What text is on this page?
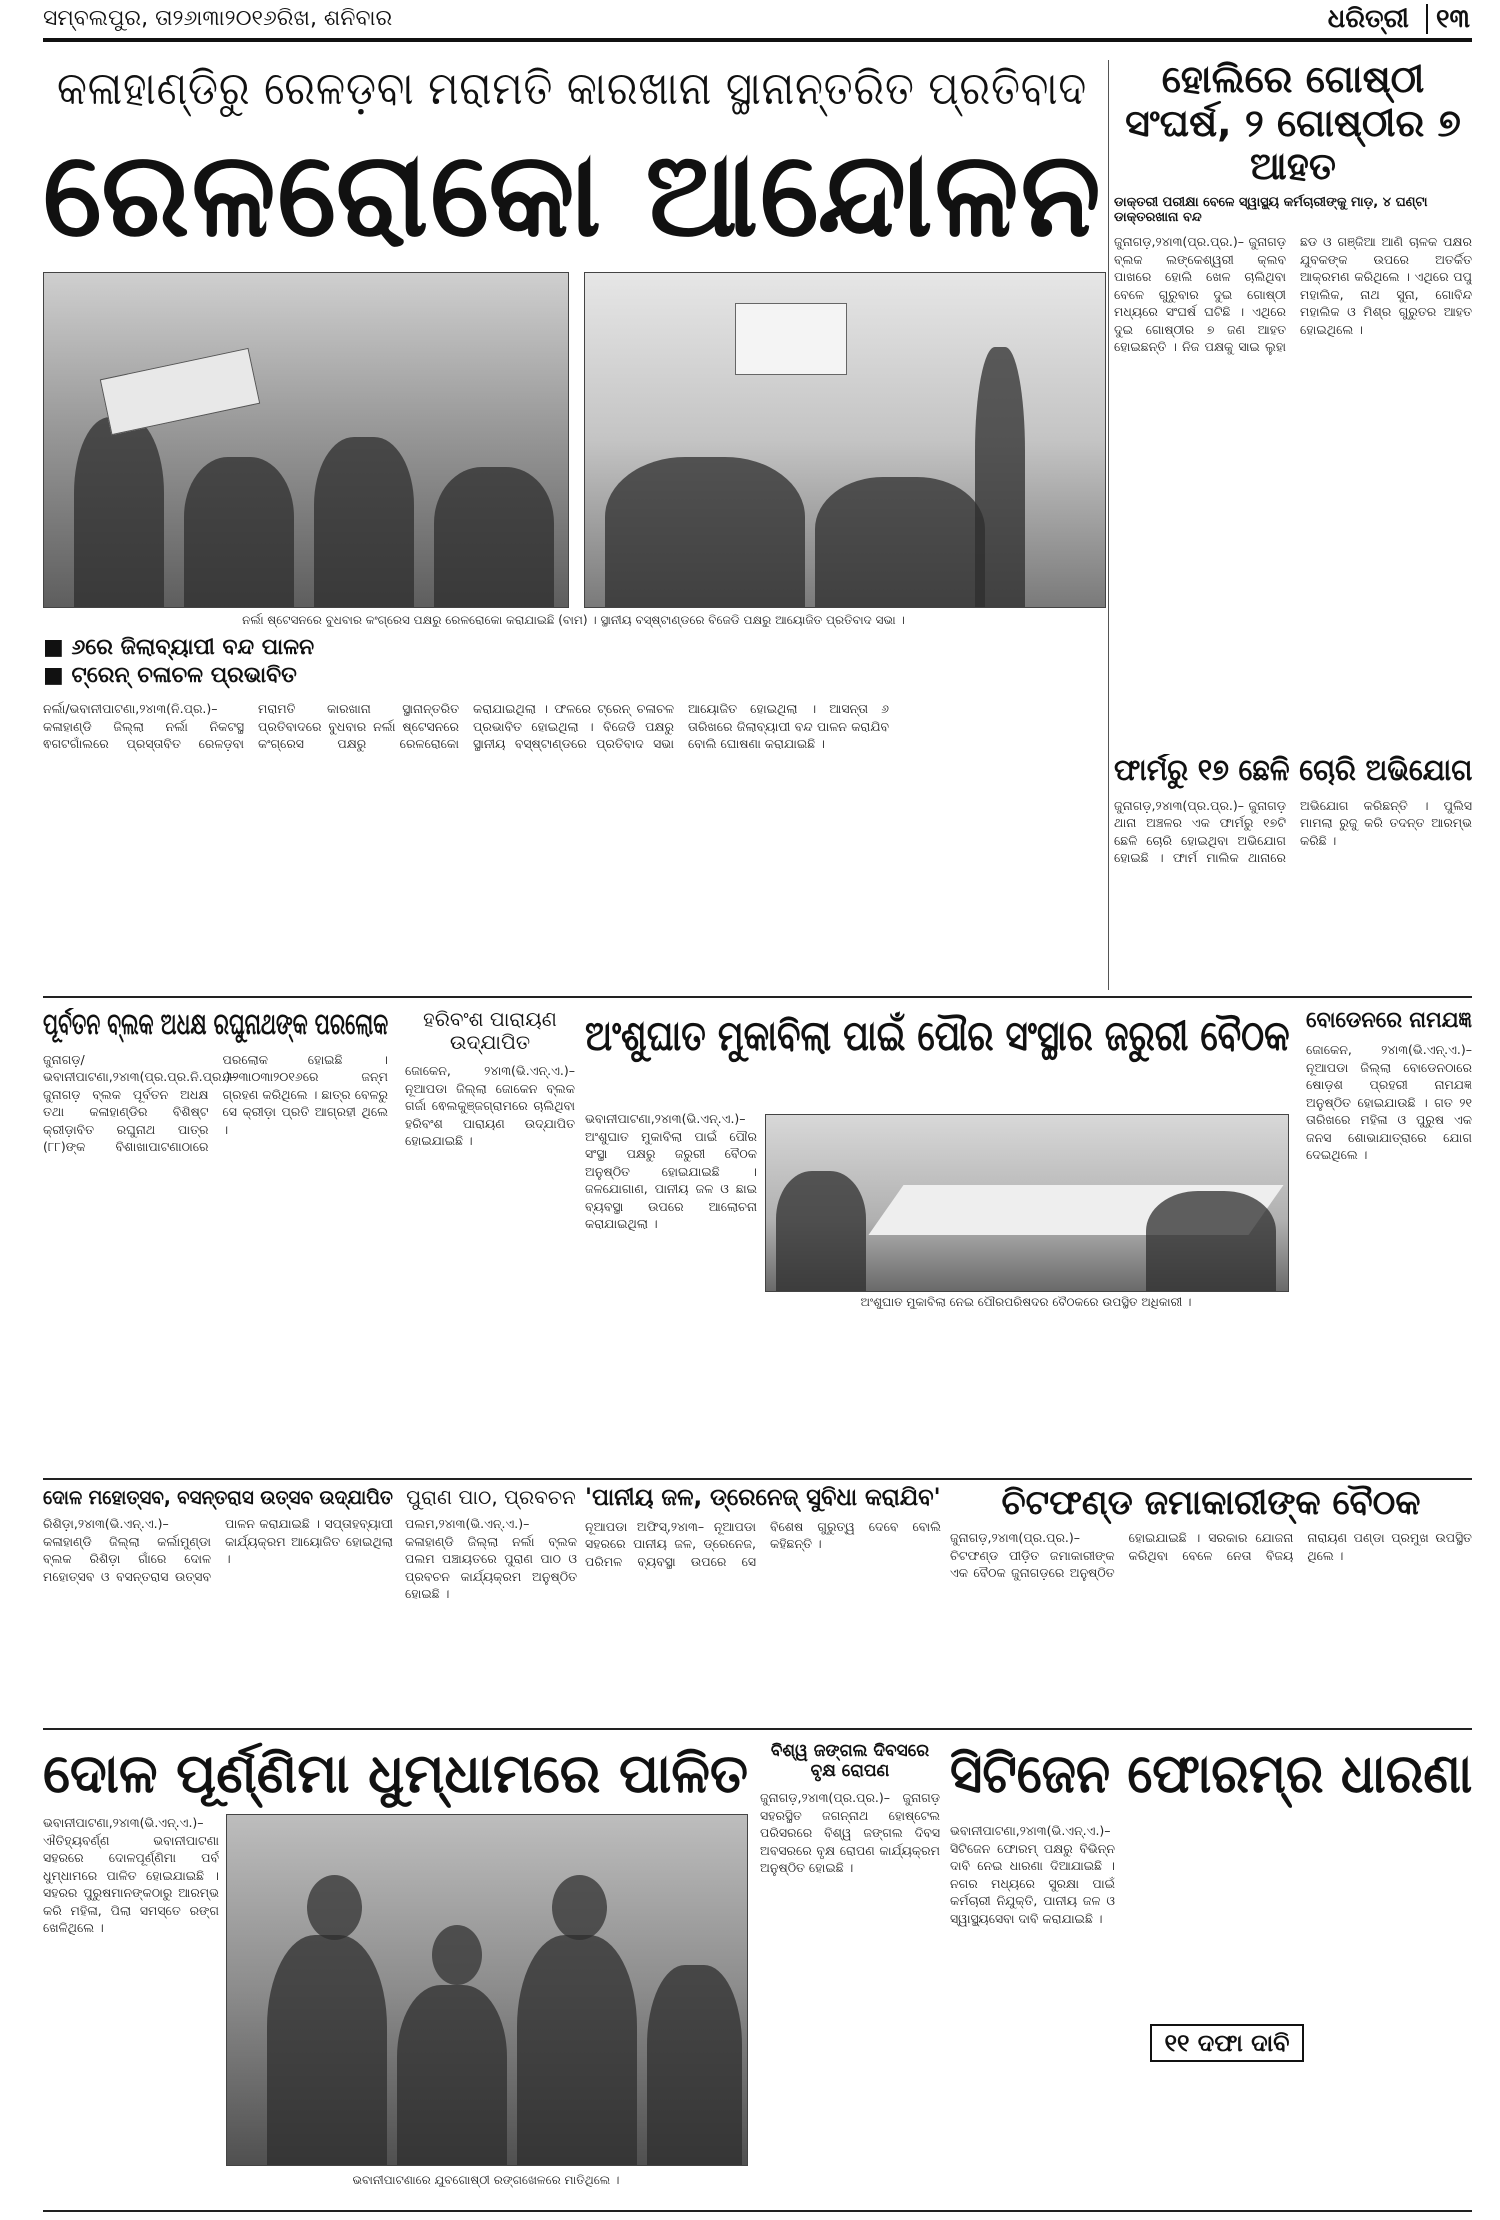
ସମ୍ବଲପୁର, ତା୨୬ା୩ା୨୦୧୬ରିଖ, ଶନିବାର	ଧରିତ୍ରୀ ୧୩
କଳାହାଣ୍ଡିରୁ ରେଳଡ଼ବା ମରାମତି କାରଖାନା ସ୍ଥାନାନ୍ତରିତ ପ୍ରତିବାଦ
ରେଳରୋକୋ ଆନ୍ଦୋଳନ
ନର୍ଲା ଷ୍ଟେସନରେ ବୁଧବାର କଂଗ୍ରେସ ପକ୍ଷରୁ ରେଳରୋକୋ କରାଯାଇଛି (ବାମ) । ସ୍ଥାନୀୟ ବସ୍‌ଷ୍ଟାଣ୍ଡରେ ବିଜେଡି ପକ୍ଷରୁ ଆୟୋଜିତ ପ୍ରତିବାଦ ସଭା ।
■ ୬ରେ ଜିଲାବ୍ୟାପୀ ବନ୍ଦ ପାଳନ
■ ଟ୍ରେନ୍ ଚଳାଚଳ ପ୍ରଭାବିତ

ନର୍ଲା/ଭବାନୀପାଟଣା,୨୪ା୩(ନି.ପ୍ର.)– କଳାହାଣ୍ଡି ଜିଲ୍ଲା ନର୍ଲା ନିକଟସ୍ଥ ଵଗଟଗାଁଲରେ ପ୍ରସ୍ତାବିତ ରେଳଡ଼ବା ମରାମତି କାରଖାନା ସ୍ଥାନାନ୍ତରିତ ପ୍ରତିବାଦରେ ବୁଧବାର ନର୍ଲା ଷ୍ଟେସନରେ କଂଗ୍ରେସ ପକ୍ଷରୁ ରେଳରୋକୋ କରାଯାଇଥିଲା । ଫଳରେ ଟ୍ରେନ୍ ଚଳାଚଳ ପ୍ରଭାବିତ ହୋଇଥିଲା । ବିଜେଡି ପକ୍ଷରୁ ସ୍ଥାନୀୟ ବସ୍‌ଷ୍ଟାଣ୍ଡରେ ପ୍ରତିବାଦ ସଭା ଆୟୋଜିତ ହୋଇଥିଲା । ଆସନ୍ତା ୬ ତାରିଖରେ ଜିଲାବ୍ୟାପୀ ବନ୍ଦ ପାଳନ କରାଯିବ ବୋଲି ଘୋଷଣା କରାଯାଇଛି ।

ହୋଲିରେ ଗୋଷ୍ଠୀ ସଂଘର୍ଷ, ୨ ଗୋଷ୍ଠୀର ୭ ଆହତ
ଡାକ୍ତରୀ ପରୀକ୍ଷା ବେଳେ ସ୍ୱାସ୍ଥ୍ୟ କର୍ମଚାରୀଙ୍କୁ ମାଡ଼, ୪ ଘଣ୍ଟା ଡାକ୍ତରଖାନା ବନ୍ଦ

ଜୁନାଗଡ଼,୨୪ା୩(ପ୍ର.ପ୍ର.)– ଜୁନାଗଡ଼ ବ୍ଲକ ଲଙ୍କେଶ୍ୱରୀ କ୍ଲବ ପାଖରେ ହୋଲି ଖେଳ ଚାଲିଥିବା ବେଳେ ଗୁରୁବାର ଦୁଇ ଗୋଷ୍ଠୀ ମଧ୍ୟରେ ସଂଘର୍ଷ ଘଟିଛି । ଏଥିରେ ଦୁଇ ଗୋଷ୍ଠୀର ୭ ଜଣ ଆହତ ହୋଇଛନ୍ତି । ନିଜ ପକ୍ଷକୁ ସାଇ ଲୁହା ଛଡ ଓ ଗଞ୍ଜିଆ ଆଣି ଚାଳକ ପକ୍ଷର ଯୁବକଙ୍କ ଉପରେ ଅତର୍କିତ ଆକ୍ରମଣ କରିଥିଲେ । ଏଥିରେ ପପୁ ମହାଲିକ, ନାଥ ସୁନା, ଗୋବିନ୍ଦ ମହାଲିକ ଓ ମିଶ୍ର ଗୁରୁତର ଆହତ ହୋଇଥିଲେ ।

ଫାର୍ମରୁ ୧୭ ଛେଳି ଚୋରି ଅଭିଯୋଗ

ଜୁନାଗଡ଼,୨୪ା୩(ପ୍ର.ପ୍ର.)– ଜୁନାଗଡ଼ ଥାନା ଅଞ୍ଚଳର ଏକ ଫାର୍ମରୁ ୧୭ଟି ଛେଳି ଚୋରି ହୋଇଥିବା ଅଭିଯୋଗ ହୋଇଛି । ଫାର୍ମ ମାଲିକ ଥାନାରେ ଅଭିଯୋଗ କରିଛନ୍ତି । ପୁଲିସ ମାମଲା ରୁଜୁ କରି ତଦନ୍ତ ଆରମ୍ଭ କରିଛି ।

ପୂର୍ବତନ ବ୍ଲକ ଅଧକ୍ଷ ରଘୁନାଥଙ୍କ ପରଲୋକ

ଜୁନାଗଡ଼/ଭବାନୀପାଟଣା,୨୪ା୩(ପ୍ର.ପ୍ର.ନି.ପ୍ର.)– ଜୁନାଗଡ଼ ବ୍ଲକ ପୂର୍ବତନ ଅଧକ୍ଷ ତଥା କଳାହାଣ୍ଡିର ବିଶିଷ୍ଟ କ୍ରୀଡ଼ାବିତ ରଘୁନାଥ ପାତ୍ର (୮୮)ଙ୍କ ବିଶାଖାପାଟଣାଠାରେ ପରଲୋକ ହୋଇଛି । ତା୨୩ା୦୩ା୨୦୧୬ରେ ଜନ୍ମ ଗ୍ରହଣ କରିଥିଲେ । ଛାତ୍ର ବେଳରୁ ସେ କ୍ରୀଡ଼ା ପ୍ରତି ଆଗ୍ରହୀ ଥିଲେ ।

ହରିବଂଶ ପାରାୟଣ ଉଦ୍‌ଯାପିତ

ଜୋକେନ, ୨୪ା୩(ଭି.ଏନ୍.ଏ.)– ନୂଆପଡା ଜିଲ୍ଲା ଜୋକେନ ବ୍ଲକ ଗର୍ଜା ଵେଲକୁଞ୍ଜଗ୍ରାମରେ ଚାଲିଥିବା ହରିବଂଶ ପାରାୟଣ ଉଦ୍‌ଯାପିତ ହୋଇଯାଇଛି ।

ଅଂଶୁଘାତ ମୁକାବିଲା ପାଇଁ ପୌର ସଂସ୍ଥାର ଜରୁରୀ ବୈଠକ

ଭବାନୀପାଟଣା,୨୪ା୩(ଭି.ଏନ୍.ଏ.)– ଅଂଶୁଘାତ ମୁକାବିଲା ପାଇଁ ପୌର ସଂସ୍ଥା ପକ୍ଷରୁ ଜରୁରୀ ବୈଠକ ଅନୁଷ୍ଠିତ ହୋଇଯାଇଛି । ଜଳଯୋଗାଣ, ପାନୀୟ ଜଳ ଓ ଛାଇ ବ୍ୟବସ୍ଥା ଉପରେ ଆଲୋଚନା କରାଯାଇଥିଲା ।

ଅଂଶୁଘାତ ମୁକାବିଲା ନେଇ ପୌରପରିଷଦର ବୈଠକରେ ଉପସ୍ଥିତ ଅଧିକାରୀ ।
ବୋଡେନରେ ନାମଯଜ୍ଞ

ଜୋକେନ, ୨୪ା୩(ଭି.ଏନ୍.ଏ.)– ନୂଆପଡା ଜିଲ୍ଲା ବୋଡେନଠାରେ ଷୋଡ଼ଶ ପ୍ରହରୀ ନାମଯଜ୍ଞ ଅନୁଷ୍ଠିତ ହୋଇଯାଉଛି । ଗତ ୨୧ ତାରିଖରେ ମହିଳା ଓ ପୁରୁଷ ଏକ ଜନସ ଶୋଭାଯାତ୍ରାରେ ଯୋଗ ଦେଇଥିଲେ ।

ଦୋଳ ମହୋତ୍ସବ, ବସନ୍ତରାସ ଉତ୍ସବ ଉଦ୍‌ଯାପିତ

ରିଶିଡ଼ା,୨୪ା୩(ଭି.ଏନ୍.ଏ.)– କଳାହାଣ୍ଡି ଜିଲ୍ଲା କର୍ଲାମୁଣ୍ଡା ବ୍ଲକ ରିଶିଡ଼ା ଗାଁରେ ଦୋଳ ମହୋତ୍ସବ ଓ ବସନ୍ତରାସ ଉତ୍ସବ ପାଳନ କରାଯାଇଛି । ସପ୍ତାହବ୍ୟାପୀ କାର୍ଯ୍ୟକ୍ରମ ଆୟୋଜିତ ହୋଇଥିଲା ।

ପୁରାଣ ପାଠ, ପ୍ରବଚନ

ପଲମ,୨୪ା୩(ଭି.ଏନ୍.ଏ.)– କଳାହାଣ୍ଡି ଜିଲ୍ଲା ନର୍ଲା ବ୍ଲକ ପଲମ ପଞ୍ଚାୟତରେ ପୁରାଣ ପାଠ ଓ ପ୍ରବଚନ କାର୍ଯ୍ୟକ୍ରମ ଅନୁଷ୍ଠିତ ହୋଇଛି ।

'ପାନୀୟ ଜଳ, ଡ୍ରେନେଜ୍ ସୁବିଧା କରାଯିବ'

ନୂଆପଡା ଅଫିସ୍,୨୪ା୩– ନୂଆପଡା ସହରରେ ପାନୀୟ ଜଳ, ଡ୍ରେନେଜ, ପରିମଳ ବ୍ୟବସ୍ଥା ଉପରେ ସେ ବିଶେଷ ଗୁରୁତ୍ୱ ଦେବେ ବୋଲି କହିଛନ୍ତି ।

ଚିଟଫଣ୍ଡ ଜମାକାରୀଙ୍କ ବୈଠକ

ଜୁନାଗଡ଼,୨୪ା୩(ପ୍ର.ପ୍ର.)– ଚିଟଫଣ୍ଡ ପୀଡ଼ିତ ଜମାକାରୀଙ୍କ ଏକ ବୈଠକ ଜୁନାଗଡ଼ରେ ଅନୁଷ୍ଠିତ ହୋଇଯାଇଛି । ସରକାର ଯୋଜନା କରିଥିବା ବେଳେ ନେତା ବିଜୟ ନାରାୟଣ ପଣ୍ଡା ପ୍ରମୁଖ ଉପସ୍ଥିତ ଥିଲେ ।

ଦୋଳ ପୂର୍ଣ୍ଣିମା ଧୁମ୍‌ଧାମରେ ପାଳିତ

ଭବାନୀପାଟଣା,୨୪ା୩(ଭି.ଏନ୍.ଏ.)– ଐତିହ୍ୟବର୍ଣ୍ଣ ଭବାନୀପାଟଣା ସହରରେ ଦୋଳପୂର୍ଣ୍ଣିମା ପର୍ବ ଧୁମ୍‌ଧାମରେ ପାଳିତ ହୋଇଯାଇଛି । ସହରର ପୁରୁଷମାନଙ୍କଠାରୁ ଆରମ୍ଭ କରି ମହିଳା, ପିଲା ସମସ୍ତେ ରଙ୍ଗ ଖେଳିଥିଲେ ।

ଭବାନୀପାଟଣାରେ ଯୁବଗୋଷ୍ଠୀ ରଙ୍ଗଖେଳରେ ମାତିଥିଲେ ।
ବିଶ୍ୱ ଜଙ୍ଗଲ ଦିବସରେ ବୃକ୍ଷ ରୋପଣ

ଜୁନାଗଡ଼,୨୪ା୩(ପ୍ର.ପ୍ର.)– ଜୁନାଗଡ଼ ସହରସ୍ଥିତ ଜଗନ୍ନାଥ ହୋଷ୍ଟେଲ ପରିସରରେ ବିଶ୍ୱ ଜଙ୍ଗଲ ଦିବସ ଅବସରରେ ବୃକ୍ଷ ରୋପଣ କାର୍ଯ୍ୟକ୍ରମ ଅନୁଷ୍ଠିତ ହୋଇଛି ।

ସିଟିଜେନ ଫୋରମ୍‌ର ଧାରଣା

ଭବାନୀପାଟଣା,୨୪ା୩(ଭି.ଏନ୍.ଏ.)– ସିଟିଜେନ ଫୋରମ୍ ପକ୍ଷରୁ ବିଭିନ୍ନ ଦାବି ନେଇ ଧାରଣା ଦିଆଯାଇଛି । ନଗର ମଧ୍ୟରେ ସୁରକ୍ଷା ପାଇଁ କର୍ମଚାରୀ ନିଯୁକ୍ତି, ପାନୀୟ ଜଳ ଓ ସ୍ୱାସ୍ଥ୍ୟସେବା ଦାବି କରାଯାଇଛି ।

୧୧ ଦଫା ଦାବି
